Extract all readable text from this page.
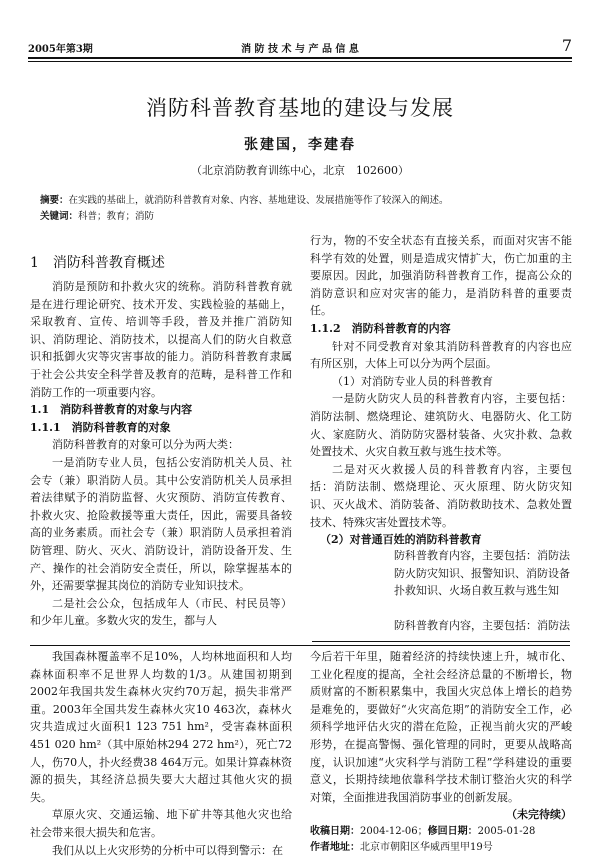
2005年第3期	消 防 技 术 与 产 品 信 息	7
消防科普教育基地的建设与发展
张建国，李建春
（北京消防教育训练中心，北京　102600）
摘要：在实践的基础上，就消防科普教育对象、内容、基地建设、发展措施等作了较深入的阐述。
关键词：科普；教育；消防

1　消防科普教育概述

消防是预防和扑救火灾的统称。消防科普教育就是在进行理论研究、技术开发、实践检验的基础上，采取教育、宣传、培训等手段，普及并推广消防知识、消防理论、消防技术，以提高人们的防火自救意识和抵御火灾等灾害事故的能力。消防科普教育隶属于社会公共安全科学普及教育的范畴，是科普工作和消防工作的一项重要内容。

1.1　消防科普教育的对象与内容

1.1.1　消防科普教育的对象

消防科普教育的对象可以分为两大类：

一是消防专业人员，包括公安消防机关人员、社会专（兼）职消防人员。其中公安消防机关人员承担着法律赋予的消防监督、火灾预防、消防宣传教育、扑救火灾、抢险救援等重大责任，因此，需要具备较高的业务素质。而社会专（兼）职消防人员承担着消防管理、防火、灭火、消防设计，消防设备开发、生产、操作的社会消防安全责任，所以，除掌握基本的外，还需要掌握其岗位的消防专业知识技术。

二是社会公众，包括成年人（市民、村民员等）和少年儿童。多数火灾的发生，都与人

行为，物的不安全状态有直接关系，而面对灾害不能科学有效的处置，则是造成灾情扩大，伤亡加重的主要原因。因此，加强消防科普教育工作，提高公众的消防意识和应对灾害的能力，是消防科普的重要责任。

1.1.2　消防科普教育的内容

针对不同受教育对象其消防科普教育的内容也应有所区别，大体上可以分为两个层面。

（1）对消防专业人员的科普教育

一是防火防灾人员的科普教育内容，主要包括：消防法制、燃烧理论、建筑防火、电器防火、化工防火、家庭防火、消防防灾器材装备、火灾扑救、急救处置技术、火灾自救互救与逃生技术等。

二是对灭火救援人员的科普教育内容，主要包括：消防法制、燃烧理论、灭火原理、防火防灾知识、灭火战术、消防装备、消防救助技术、急救处置技术、特殊灾害处置技术等。

（2）对普通百姓的消防科普教育
防科普教育内容，主要包括：消防法
防火防灾知识、报警知识、消防设备
扑救知识、火场自救互救与逃生知
防科普教育内容，主要包括：消防法

我国森林覆盖率不足10%，人均林地面积和人均森林面积率不足世界人均数的1/3。从建国初期到2002年我国共发生森林火灾约70万起，损失非常严重。2003年全国共发生森林火灾10 463次，森林火灾共造成过火面积1 123 751 hm²，受害森林面积451 020 hm²（其中原始林294 272 hm²），死亡72人，伤70人，扑火经费38 464万元。如果计算森林资源的损失，其经济总损失要大大超过其他火灾的损失。

草原火灾、交通运输、地下矿井等其他火灾也给社会带来很大损失和危害。

我们从以上火灾形势的分析中可以得到警示：在

今后若干年里，随着经济的持续快速上升，城市化、工业化程度的提高，全社会经济总量的不断增长，物质财富的不断积累集中，我国火灾总体上增长的趋势是难免的，要做好“火灾高危期”的消防安全工作，必须科学地评估火灾的潜在危险，正视当前火灾的严峻形势，在提高警惕、强化管理的同时，更要从战略高度，认识加速“火灾科学与消防工程”学科建设的重要意义，长期持续地依靠科学技术制订整治火灾的科学对策，全面推进我国消防事业的创新发展。
（未完待续）

收稿日期：2004-12-06；修回日期：2005-01-28
作者地址：北京市朝阳区华威西里甲19号
